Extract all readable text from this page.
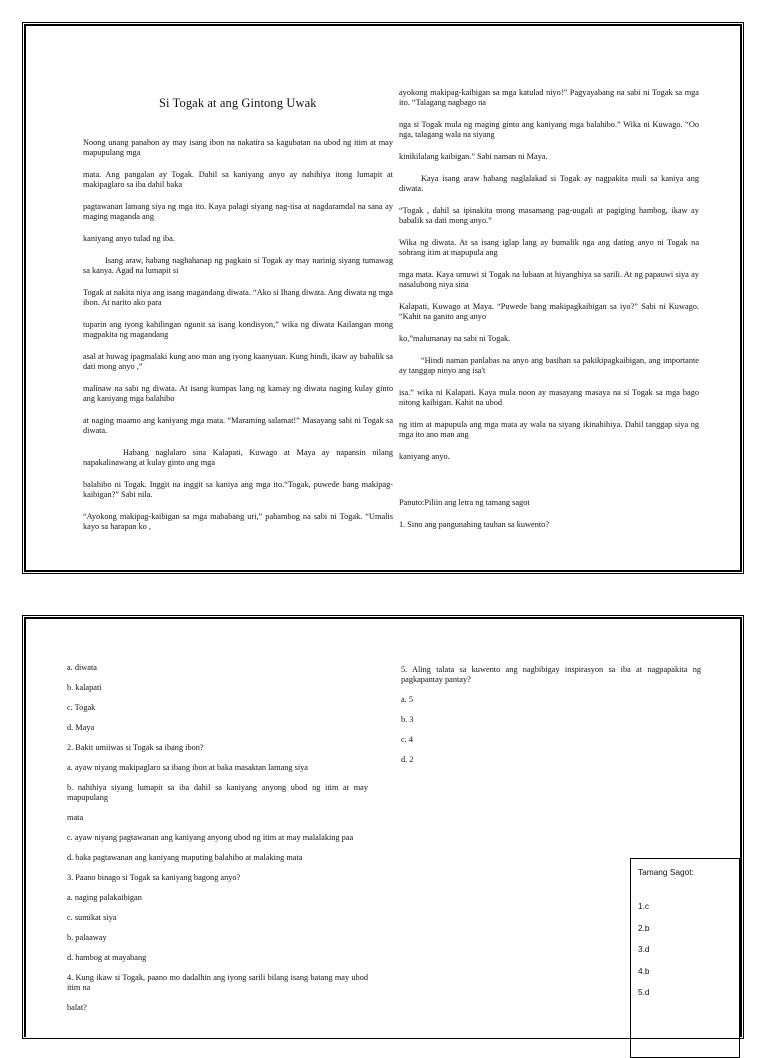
Si Togak at ang Gintong Uwak

Noong unang panahon ay may isang ibon na nakatira sa kagubatan na ubod ng itim at may mapupulang mga

mata. Ang pangalan ay Togak. Dahil sa kaniyang anyo ay nahihiya itong lumapit at makipaglaro sa iba dahil baka

pagtawanan lamang siya ng mga ito. Kaya palagi siyang nag-iisa at nagdaramdal na sana ay maging maganda ang

kaniyang anyo tulad ng iba.

Isang araw, habang naghahanap ng pagkain si Togak ay may narinig siyang tumawag sa kanya. Agad na lumapit si

Togak at nakita niya ang isang magandang diwata. “Ako si Ihang diwata. Ang diwata ng mga ibon. At narito ako para

tuparin ang iyong kahilingan ngunit sa isang kondisyon,” wika ng diwata Kailangan mong magpakita ng magandang

asal at huwag ipagmalaki kung ano man ang iyong kaanyuan. Kung hindi, ikaw ay babalik sa dati mong anyo ,”

malinaw na sabi ng diwata. At isang kumpas lang ng kamay ng diwata naging kulay ginto ang kaniyang mga balahibo

at naging maamo ang kaniyang mga mata. “Maraming salamat!” Masayang sabi ni Togak sa diwata.

Habang naglalaro sina Kalapati, Kuwago at Maya ay napansin nilang napakalinawang at kulay ginto ang mga

balahibo ni Togak. Inggit na inggit sa kaniya ang mga ito.“Togak, puwede bang makipag-kaibigan?” Sabi nila.

“Ayokong makipag-kaibigan sa mga mababang uri,” pahambog na sabi ni Togak. “Umalis kayo sa harapan ko ,

ayokong makipag-kaibigan sa mga katulad niyo!” Pagyayabang na sabi ni Togak sa mga ito. “Talagang nagbago na

nga si Togak mula ng maging ginto ang kaniyang mga balahibo.” Wika ni Kuwago. “Oo nga, talagang wala na siyang

kinikilalang kaibigan.” Sabi naman ni Maya.

Kaya isang araw habang naglalakad si Togak ay nagpakita muli sa kaniya ang diwata.

“Togak , dahil sa ipinakita mong masamang pag-uugali at pagiging hambog, ikaw ay babalik sa dati mong anyo.”

Wika ng diwata. At sa isang iglap lang ay bumalik nga ang dating anyo ni Togak na sobrang itim at mapupula ang

mga mata. Kaya umuwi si Togak na lubaan at hiyanghiya sa sarili. At ng papauwi siya ay nasalubong niya sina

Kalapati, Kuwago at Maya. “Puwede bang makipagkaibigan sa iyo?” Sabi ni Kuwago. “Kahit na ganito ang anyo

ko,”malumanay na sabi ni Togak.

“Hindi naman panlabas na anyo ang basihan sa pakikipagkaibigan, ang importante ay tanggap ninyo ang isa't

isa.” wika ni Kalapati. Kaya mula noon ay masayang masaya na si Togak sa mga bago nitong kaibigan. Kahit na ubod

ng itim at mapupula ang mga mata ay wala na siyang ikinahihiya. Dahil tanggap siya ng mga ito ano man ang

kaniyang anyo.

Panuto:Piliin ang letra ng tamang sagot

1. Sino ang pangunahing tauhan sa kuwento?

a. diwata

b. kalapati

c. Togak

d. Maya

2. Bakit umiiwas si Togak sa ibang ibon?

a. ayaw niyang makipaglaro sa ibang ibon at baka masaktan lamang siya

b. nahihiya siyang lumapit sa iba dahil sa kaniyang anyong ubod ng itim at may mapupulang

mata

c. ayaw niyang pagtawanan ang kaniyang anyong ubod ng itim at may malalaking paa

d. baka pagtawanan ang kaniyang maputing balahibo at malaking mata

3. Paano binago si Togak sa kaniyang bagong anyo?

a. naging palakaibigan

c. sumikat siya

b. palaaway

d. hambog at mayabang

4. Kung ikaw si Togak, paano mo dadalhin ang iyong sarili bilang isang batang may ubod itim na

balat?

5. Aling talata sa kuwento ang nagbibigay inspirasyon sa iba at nagpapakita ng pagkapantay pantay?

a. 5

b. 3

c. 4

d. 2

Tamang Sagot:
1.c
2.b
3.d
4.b
5.d
